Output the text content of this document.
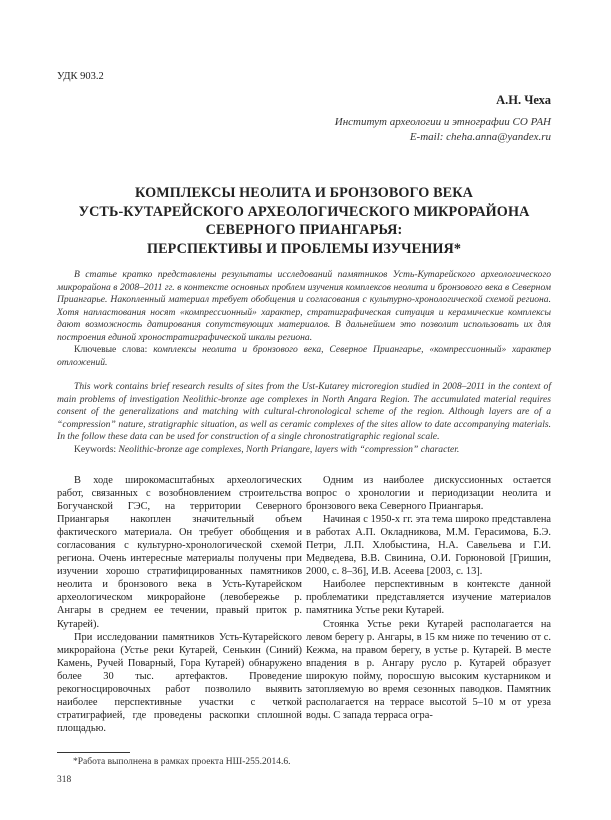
УДК 903.2
А.Н. Чеха
Институт археологии и этнографии СО РАН
E-mail: cheha.anna@yandex.ru
КОМПЛЕКСЫ НЕОЛИТА И БРОНЗОВОГО ВЕКА
УСТЬ-КУТАРЕЙСКОГО АРХЕОЛОГИЧЕСКОГО МИКРОРАЙОНА
СЕВЕРНОГО ПРИАНГАРЬЯ:
ПЕРСПЕКТИВЫ И ПРОБЛЕМЫ ИЗУЧЕНИЯ*

В статье кратко представлены результаты исследований памятников Усть-Кутарейского археологического микрорайона в 2008–2011 гг. в контексте основных проблем изучения комплексов неолита и бронзового века в Северном Приангарье. Накопленный материал требует обобщения и согласования с культурно-хронологической схемой региона. Хотя напластования носят «компрессионный» характер, стратиграфическая ситуация и керамические комплексы дают возможность датирования сопутствующих материалов. В дальнейшем это позволит использовать их для построения единой хроностратиграфической шкалы региона.

Ключевые слова: комплексы неолита и бронзового века, Северное Приангарье, «компрессионный» характер отложений.

This work contains brief research results of sites from the Ust-Kutarey microregion studied in 2008–2011 in the context of main problems of investigation Neolithic-bronze age complexes in North Angara Region. The accumulated material requires consent of the generalizations and matching with cultural-chronological scheme of the region. Although layers are of a “compression” nature, stratigraphic situation, as well as ceramic complexes of the sites allow to date accompanying materials. In the follow these data can be used for construction of a single chronostratigraphic regional scale.

Keywords: Neolithic-bronze age complexes, North Priangare, layers with “compression” character.

В ходе широкомасштабных археологических работ, связанных с возобновлением строительства Богучанской ГЭС, на территории Северного Приангарья накоплен значительный объем фактического материала. Он требует обобщения и согласования с культурно-хронологической схемой региона. Очень интересные материалы получены при изучении хорошо стратифицированных памятников неолита и бронзового века в Усть-Кутарейском археологическом микрорайоне (левобережье р. Ангары в среднем ее течении, правый приток р. Кутарей).

При исследовании памятников Усть-Кутарейского микрорайона (Устье реки Кутарей, Сенькин (Синий) Камень, Ручей Поварный, Гора Кутарей) обнаружено более 30 тыс. артефактов. Проведение рекогносцировочных работ позволило выявить наиболее перспективные участки с четкой стратиграфией, где проведены раскопки сплошной площадью.

Одним из наиболее дискуссионных остается вопрос о хронологии и периодизации неолита и бронзового века Северного Приангарья.

Начиная с 1950-х гг. эта тема широко представлена в работах А.П. Окладникова, М.М. Герасимова, Б.Э. Петри, Л.П. Хлобыстина, Н.А. Савельева и Г.И. Медведева, В.В. Свинина, О.И. Горюновой [Гришин, 2000, с. 8–36], И.В. Асеева [2003, с. 13].

Наиболее перспективным в контексте данной проблематики представляется изучение материалов памятника Устье реки Кутарей.

Стоянка Устье реки Кутарей располагается на левом берегу р. Ангары, в 15 км ниже по течению от с. Кежма, на правом берегу, в устье р. Кутарей. В месте впадения в р. Ангару русло р. Кутарей образует широкую пойму, поросшую высоким кустарником и затопляемую во время сезонных паводков. Памятник располагается на террасе высотой 5–10 м от уреза воды. С запада терраса огра-

*Работа выполнена в рамках проекта НШ-255.2014.6.
318
